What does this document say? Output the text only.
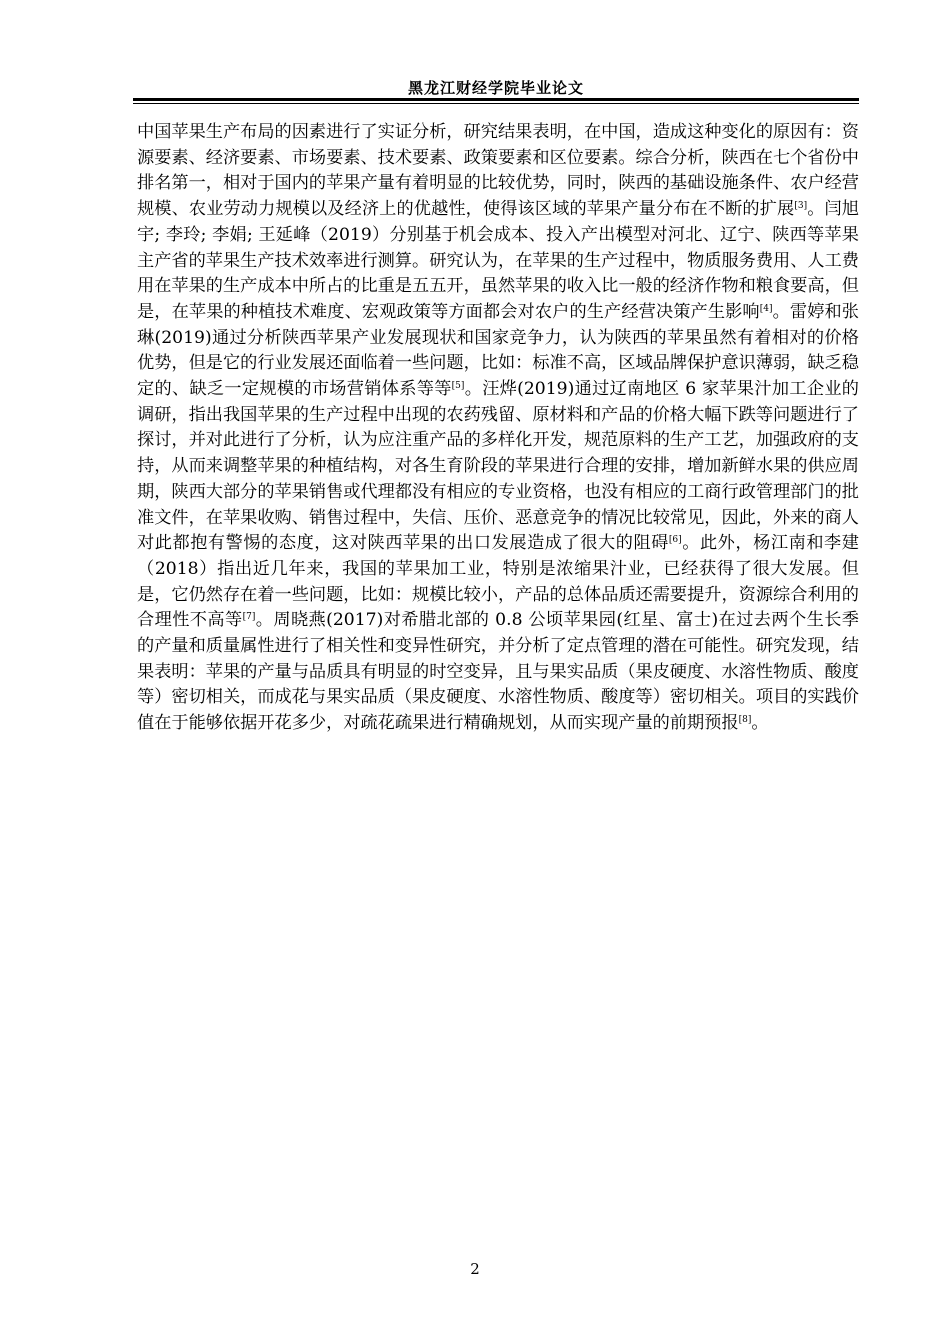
黑龙江财经学院毕业论文

中国苹果生产布局的因素进行了实证分析，研究结果表明，在中国，造成这种变化的原因有：资源要素、经济要素、市场要素、技术要素、政策要素和区位要素。综合分析，陕西在七个省份中排名第一，相对于国内的苹果产量有着明显的比较优势，同时，陕西的基础设施条件、农户经营规模、农业劳动力规模以及经济上的优越性，使得该区域的苹果产量分布在不断的扩展[3]。闫旭宇; 李玲; 李娟; 王延峰（2019）分别基于机会成本、投入产出模型对河北、辽宁、陕西等苹果主产省的苹果生产技术效率进行测算。研究认为，在苹果的生产过程中，物质服务费用、人工费用在苹果的生产成本中所占的比重是五五开，虽然苹果的收入比一般的经济作物和粮食要高，但是，在苹果的种植技术难度、宏观政策等方面都会对农户的生产经营决策产生影响[4]。雷婷和张琳(2019)通过分析陕西苹果产业发展现状和国家竞争力，认为陕西的苹果虽然有着相对的价格优势，但是它的行业发展还面临着一些问题，比如：标准不高，区域品牌保护意识薄弱，缺乏稳定的、缺乏一定规模的市场营销体系等等[5]。汪烨(2019)通过辽南地区 6 家苹果汁加工企业的调研，指出我国苹果的生产过程中出现的农药残留、原材料和产品的价格大幅下跌等问题进行了探讨，并对此进行了分析，认为应注重产品的多样化开发，规范原料的生产工艺，加强政府的支持，从而来调整苹果的种植结构，对各生育阶段的苹果进行合理的安排，增加新鲜水果的供应周期，陕西大部分的苹果销售或代理都没有相应的专业资格，也没有相应的工商行政管理部门的批准文件，在苹果收购、销售过程中，失信、压价、恶意竞争的情况比较常见，因此，外来的商人对此都抱有警惕的态度，这对陕西苹果的出口发展造成了很大的阻碍[6]。此外，杨江南和李建（2018）指出近几年来，我国的苹果加工业，特别是浓缩果汁业，已经获得了很大发展。但是，它仍然存在着一些问题，比如：规模比较小，产品的总体品质还需要提升，资源综合利用的合理性不高等[7]。周晓燕(2017)对希腊北部的 0.8 公顷苹果园(红星、富士)在过去两个生长季的产量和质量属性进行了相关性和变异性研究，并分析了定点管理的潜在可能性。研究发现，结果表明：苹果的产量与品质具有明显的时空变异，且与果实品质（果皮硬度、水溶性物质、酸度等）密切相关，而成花与果实品质（果皮硬度、水溶性物质、酸度等）密切相关。项目的实践价值在于能够依据开花多少，对疏花疏果进行精确规划，从而实现产量的前期预报[8]。

2
